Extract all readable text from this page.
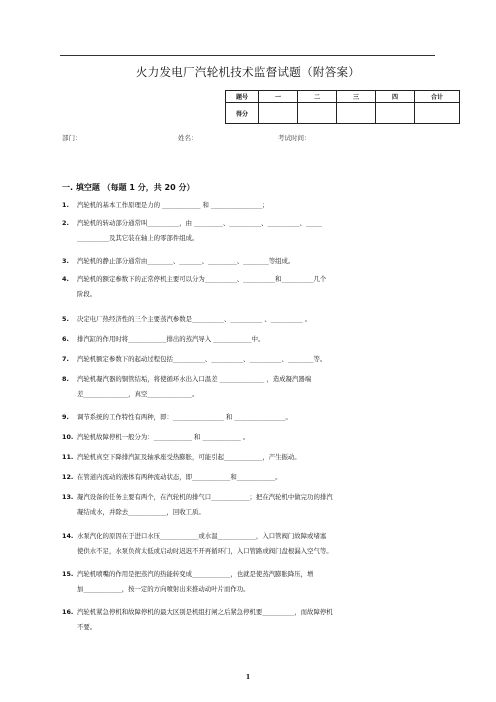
火力发电厂汽轮机技术监督试题（附答案）
题号	一	二	三	四	合计
得分					
部门：	姓名：	考试时间：
一. 填空题 （每题 1 分，共 20 分）
1. 汽轮机的基本工作原理是力的 ____________ 和 ________________；
2. 汽轮机的转动部分通常叫__________，由 _________、__________、__________、_____
__________及其它装在轴上的零部件组成。
3. 汽轮机的静止部分通常由________、_______、_________、________等组成。
4. 汽轮机的额定参数下的正常停机主要可以分为__________、__________和__________几个
阶段。
5. 决定电厂热经济性的三个主要蒸汽参数是__________、__________ 、__________ 。
6. 排汽缸的作用时将____________排出的蒸汽导入 ____________中。
7. 汽轮机额定参数下的起动过程包括__________、__________、__________、________等。
8. 汽轮机凝汽器的铜管结垢，将使循环水出入口温差 ______________ ，造成凝汽器端
差______________，真空______________。
9. 调节系统的工作特性有两种，即：________________ 和 ________________。
10. 汽轮机故障停机一般分为：____________ 和 ____________ 。
11. 汽轮机真空下降排汽缸及轴承座受热膨胀，可能引起____________，产生振动。
12. 在管道内流动的液体有两种流动状态，即____________和____________。
13. 凝汽设备的任务主要有两个，在汽轮机的排气口____________；把在汽轮机中做完功的排汽
凝结成水，并除去____________，回收工质。
14. 水泵汽化的原因在于进口水压____________或水温____________，入口管阀门故障或堵塞
使供水不足，水泵负荷太低或启动时迟迟不开再循环门，入口管路或阀门盘根漏入空气等。
15. 汽轮机喷嘴的作用是把蒸汽的热能转变成____________，也就是使蒸汽膨胀降压，增
加____________，按一定的方向喷射出来推动动叶片而作功。
16. 汽轮机紧急停机和故障停机的最大区别是机组打闸之后紧急停机要__________，而故障停机
不要。
1
